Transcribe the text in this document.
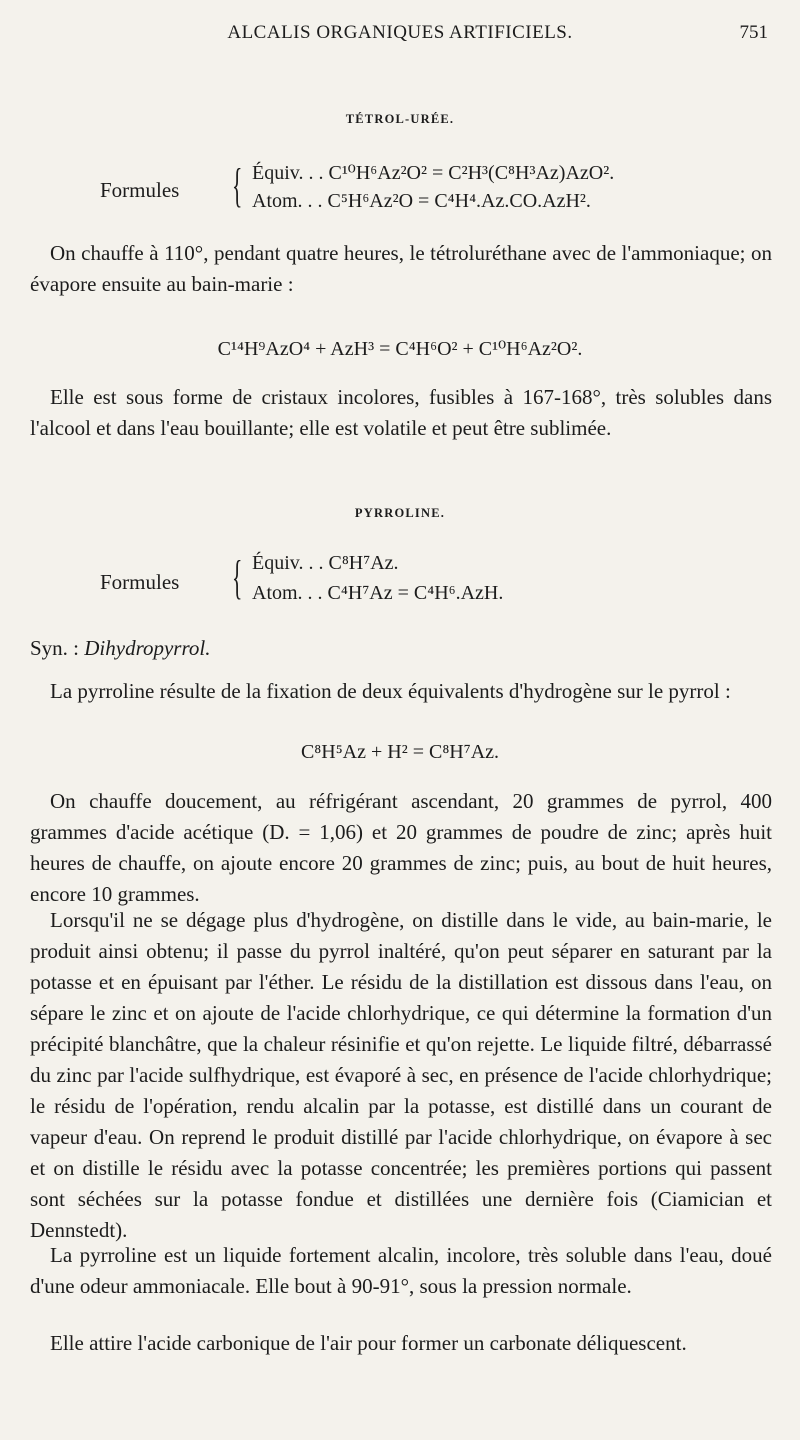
ALCALIS ORGANIQUES ARTIFICIELS.	751
TÉTROL-URÉE.
Formules { Équiv. . . C¹⁰H⁶Az²O² = C²H³(C⁸H³Az)AzO².
Atom. . . C⁵H⁶Az²O = C⁴H⁴.Az.CO.AzH².
On chauffe à 110°, pendant quatre heures, le tétroluréthane avec de l'ammoniaque; on évapore ensuite au bain-marie :
C¹⁴H⁹AzO⁴ + AzH³ = C⁴H⁶O² + C¹⁰H⁶Az²O².
Elle est sous forme de cristaux incolores, fusibles à 167-168°, très solubles dans l'alcool et dans l'eau bouillante; elle est volatile et peut être sublimée.
PYRROLINE.
Formules { Équiv. . . C⁸H⁷Az.
Atom. . . C⁴H⁷Az = C⁴H⁶.AzH.
Syn. : Dihydropyrrol.
La pyrroline résulte de la fixation de deux équivalents d'hydrogène sur le pyrrol :
C⁸H⁵Az + H² = C⁸H⁷Az.
On chauffe doucement, au réfrigérant ascendant, 20 grammes de pyrrol, 400 grammes d'acide acétique (D. = 1,06) et 20 grammes de poudre de zinc; après huit heures de chauffe, on ajoute encore 20 grammes de zinc; puis, au bout de huit heures, encore 10 grammes.
Lorsqu'il ne se dégage plus d'hydrogène, on distille dans le vide, au bain-marie, le produit ainsi obtenu; il passe du pyrrol inaltéré, qu'on peut séparer en saturant par la potasse et en épuisant par l'éther. Le résidu de la distillation est dissous dans l'eau, on sépare le zinc et on ajoute de l'acide chlorhydrique, ce qui détermine la formation d'un précipité blanchâtre, que la chaleur résinifie et qu'on rejette. Le liquide filtré, débarrassé du zinc par l'acide sulfhydrique, est évaporé à sec, en présence de l'acide chlorhydrique; le résidu de l'opération, rendu alcalin par la potasse, est distillé dans un courant de vapeur d'eau. On reprend le produit distillé par l'acide chlorhydrique, on évapore à sec et on distille le résidu avec la potasse concentrée; les premières portions qui passent sont séchées sur la potasse fondue et distillées une dernière fois (Ciamician et Dennstedt).
La pyrroline est un liquide fortement alcalin, incolore, très soluble dans l'eau, doué d'une odeur ammoniacale. Elle bout à 90-91°, sous la pression normale.
Elle attire l'acide carbonique de l'air pour former un carbonate déliquescent.
